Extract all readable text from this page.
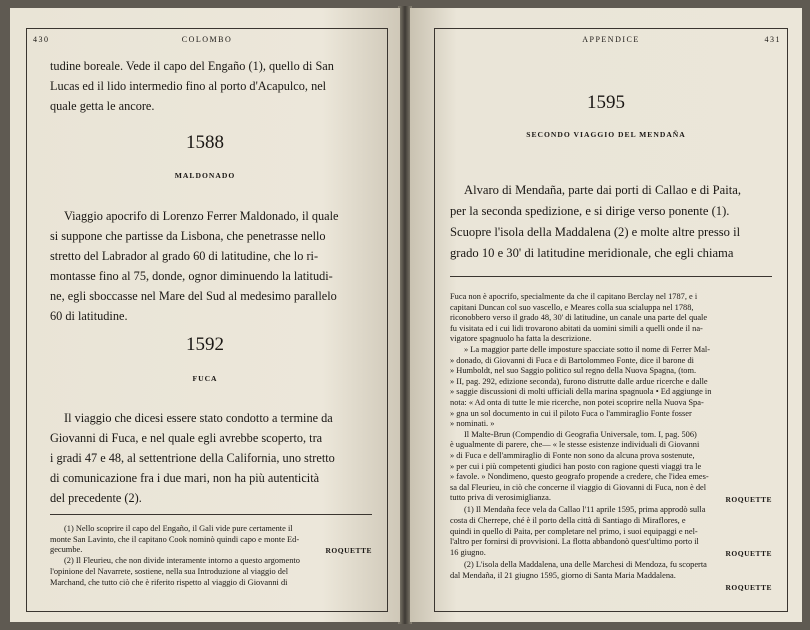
430	COLOMBO
tudine boreale. Vede il capo del Engaño (1), quello di San
Lucas ed il lido intermedio fino al porto d'Acapulco, nel
quale getta le ancore.
1588
MALDONADO
Viaggio apocrifo di Lorenzo Ferrer Maldonado, il quale
si suppone che partisse da Lisbona, che penetrasse nello
stretto del Labrador al grado 60 di latitudine, che lo ri-
montasse fino al 75, donde, ognor diminuendo la latitudi-
ne, egli sboccasse nel Mare del Sud al medesimo parallelo
60 di latitudine.
1592
FUCA
Il viaggio che dicesi essere stato condotto a termine da
Giovanni di Fuca, e nel quale egli avrebbe scoperto, tra
i gradi 47 e 48, al settentrione della California, uno stretto
di comunicazione fra i due mari, non ha più autenticità
del precedente (2).

(1) Nello scoprire il capo del Engaño, il Gali vide pure certamente il

monte San Lavinto, che il capitano Cook nominò quindi capo e monte Ed-

gecumbe.	ROQUETTE

(2) Il Fleurieu, che non divide interamente intorno a questo argomento

l'opinione del Navarrete, sostiene, nella sua Introduzione al viaggio del

Marchand, che tutto ciò che è riferito rispetto al viaggio di Giovanni di

APPENDICE	431
1595
SECONDO VIAGGIO DEL MENDAÑA
Alvaro di Mendaña, parte dai porti di Callao e di Paita,
per la seconda spedizione, e si dirige verso ponente (1).
Scuopre l'isola della Maddalena (2) e molte altre presso il
grado 10 e 30' di latitudine meridionale, che egli chiama

Fuca non è apocrifo, specialmente da che il capitano Berclay nel 1787, e i

capitani Duncan col suo vascello, e Meares colla sua scialuppa nel 1788,

riconobbero verso il grado 48, 30' di latitudine, un canale una parte del quale

fu visitata ed i cui lidi trovarono abitati da uomini simili a quelli onde il na-

vigatore spagnuolo ha fatta la descrizione.

» La maggior parte delle imposture spacciate sotto il nome di Ferrer Mal-

» donado, di Giovanni di Fuca e di Bartolommeo Fonte, dice il barone di

» Humboldt, nel suo Saggio politico sul regno della Nuova Spagna, (tom.

» II, pag. 292, edizione seconda), furono distrutte dalle ardue ricerche e dalle

» saggie discussioni di molti ufficiali della marina spagnuola • Ed aggiunge in

nota: « Ad onta di tutte le mie ricerche, non potei scoprire nella Nuova Spa-

» gna un sol documento in cui il piloto Fuca o l'ammiraglio Fonte fosser

» nominati. »

Il Malte-Brun (Compendio di Geografia Universale, tom. I, pag. 506)

è ugualmente di parere, che— « le stesse esistenze individuali di Giovanni

» di Fuca e dell'ammiraglio di Fonte non sono da alcuna prova sostenute,

» per cui i più competenti giudici han posto con ragione questi viaggi tra le

» favole. » Nondimeno, questo geografo propende a credere, che l'idea emes-

sa dal Fleurieu, in ciò che concerne il viaggio di Giovanni di Fuca, non è del

tutto priva di verosimiglianza.	ROQUETTE

(1) Il Mendaña fece vela da Callao l'11 aprile 1595, prima approdò sulla

costa di Cherrepe, ché è il porto della città di Santiago di Miraflores, e

quindi in quello di Paita, per completare nel primo, i suoi equipaggi e nel-

l'altro per fornirsi di provvisioni. La flotta abbandonò quest'ultimo porto il

16 giugno.	ROQUETTE

(2) L'isola della Maddalena, una delle Marchesi di Mendoza, fu scoperta

dal Mendaña, il 21 giugno 1595, giorno di Santa Maria Maddalena.

ROQUETTE
